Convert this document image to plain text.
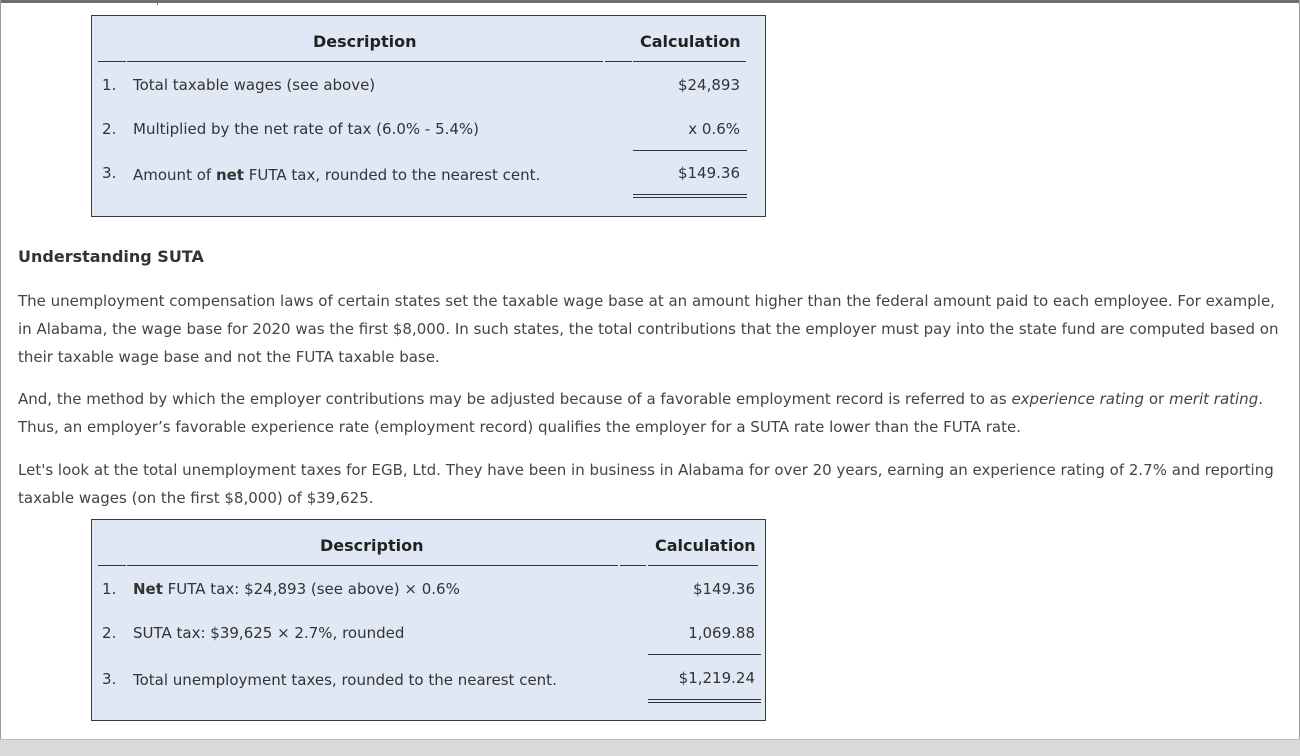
Description	Calculation
1. Total taxable wages (see above)	$24,893
2. Multiplied by the net rate of tax (6.0% - 5.4%)	x 0.6%
3. Amount of net FUTA tax, rounded to the nearest cent.	$149.36
Understanding SUTA

The unemployment compensation laws of certain states set the taxable wage base at an amount higher than the federal amount paid to each employee. For example, in Alabama, the wage base for 2020 was the first $8,000. In such states, the total contributions that the employer must pay into the state fund are computed based on their taxable wage base and not the FUTA taxable base.

And, the method by which the employer contributions may be adjusted because of a favorable employment record is referred to as experience rating or merit rating. Thus, an employer’s favorable experience rate (employment record) qualifies the employer for a SUTA rate lower than the FUTA rate.

Let's look at the total unemployment taxes for EGB, Ltd. They have been in business in Alabama for over 20 years, earning an experience rating of 2.7% and reporting taxable wages (on the first $8,000) of $39,625.

Description	Calculation
1. Net FUTA tax: $24,893 (see above) × 0.6%	$149.36
2. SUTA tax: $39,625 × 2.7%, rounded	1,069.88
3. Total unemployment taxes, rounded to the nearest cent.	$1,219.24
